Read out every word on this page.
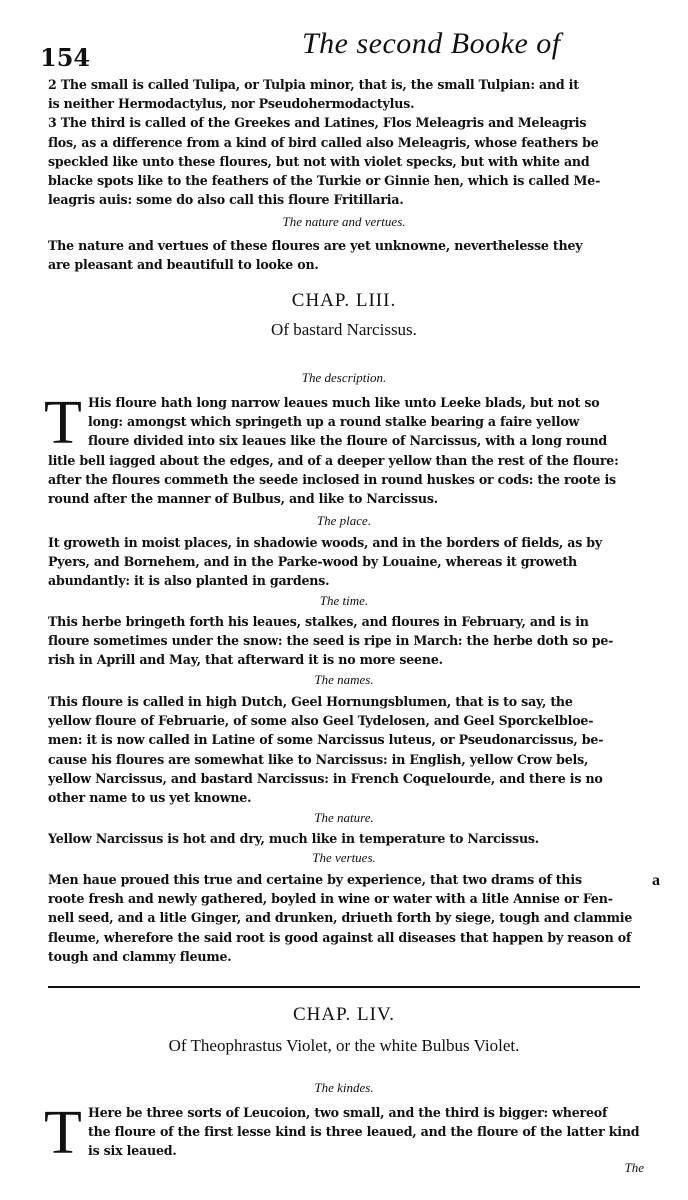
154	The second Booke of
2 The small is called Tulipa, or Tulpia minor, that is, the small Tulpian: and it
is neither Hermodactylus, nor Pseudohermodactylus.
3 The third is called of the Greekes and Latines, Flos Meleagris and Meleagris
flos, as a difference from a kind of bird called also Meleagris, whose feathers be
speckled like unto these floures, but not with violet specks, but with white and
blacke spots like to the feathers of the Turkie or Ginnie hen, which is called Me-
leagris auis: some do also call this floure Fritillaria.
The nature and vertues.
The nature and vertues of these floures are yet unknowne, neverthelesse they
are pleasant and beautifull to looke on.
CHAP. LIII.
Of bastard Narcissus.
The description.
T His floure hath long narrow leaues much like unto Leeke blads, but not so
long: amongst which springeth up a round stalke bearing a faire yellow
floure divided into six leaues like the floure of Narcissus, with a long round
litle bell iagged about the edges, and of a deeper yellow than the rest of the floure:
after the floures commeth the seede inclosed in round huskes or cods: the roote is
round after the manner of Bulbus, and like to Narcissus.
The place.
It groweth in moist places, in shadowie woods, and in the borders of fields, as by
Pyers, and Bornehem, and in the Parke-wood by Louaine, whereas it groweth
abundantly: it is also planted in gardens.
The time.
This herbe bringeth forth his leaues, stalkes, and floures in February, and is in
floure sometimes under the snow: the seed is ripe in March: the herbe doth so pe-
rish in Aprill and May, that afterward it is no more seene.
The names.
This floure is called in high Dutch, Geel Hornungsblumen, that is to say, the
yellow floure of Februarie, of some also Geel Tydelosen, and Geel Sporckelbloe-
men: it is now called in Latine of some Narcissus luteus, or Pseudonarcissus, be-
cause his floures are somewhat like to Narcissus: in English, yellow Crow bels,
yellow Narcissus, and bastard Narcissus: in French Coquelourde, and there is no
other name to us yet knowne.
The nature.
Yellow Narcissus is hot and dry, much like in temperature to Narcissus.
The vertues.
Men haue proued this true and certaine by experience, that two drams of this
roote fresh and newly gathered, boyled in wine or water with a litle Annise or Fen-
nell seed, and a litle Ginger, and drunken, driueth forth by siege, tough and clammie
fleume, wherefore the said root is good against all diseases that happen by reason of
tough and clammy fleume.
a
CHAP. LIV.
Of Theophrastus Violet, or the white Bulbus Violet.
The kindes.
T Here be three sorts of Leucoion, two small, and the third is bigger: whereof
the floure of the first lesse kind is three leaued, and the floure of the latter kind
is six leaued.
The
